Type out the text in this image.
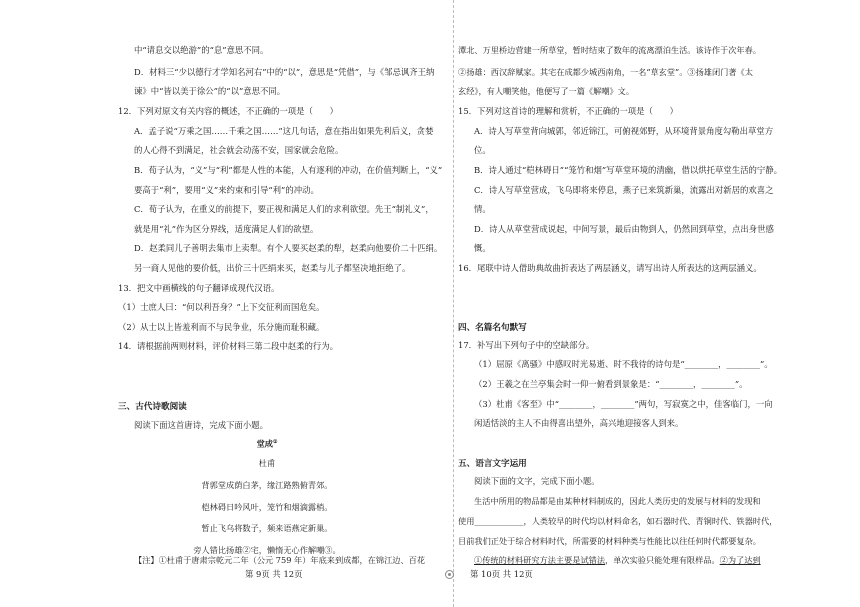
中“请息交以绝游”的“息”意思不同。
D．材料三“少以德行才学知名河右”中的“以”，意思是“凭借”，与《邹忌讽齐王纳
谏》中“皆以美于徐公”的“以”意思不同。
12．下列对原文有关内容的概述，不正确的一项是（　　）
A．孟子说“万乘之国……千乘之国……”这几句话，意在指出如果先利后义，贪婪
的人心得不到满足，社会就会动荡不安，国家就会危险。
B．荀子认为，“义”与“利”都是人性的本能，人有逐利的冲动，在价值判断上，“义”
要高于“利”，要用“义”来约束和引导“利”的冲动。
C．荀子认为，在重义的前提下，要正视和满足人们的求利欲望。先王“制礼义”，
就是用“礼”作为区分界线，适度满足人们的欲望。
D．赵柔同儿子善明去集市上卖犁。有个人要买赵柔的犁，赵柔向他要价二十匹绢。
另一商人见他的要价低，出价三十匹绢来买，赵柔与儿子都坚决地拒绝了。
13．把文中画横线的句子翻译成现代汉语。
（1）士庶人曰：“何以利吾身？”上下交征利而国危矣。
（2）从士以上皆羞利而不与民争业，乐分施而耻积藏。
14．请根据前两则材料，评价材料三第二段中赵柔的行为。
三、古代诗歌阅读
阅读下面这首唐诗，完成下面小题。
堂成①
杜甫
背郭堂成荫白茅，缘江路熟俯青郊。
桤林碍日吟风叶，笼竹和烟滴露梢。
暂止飞乌将数子，频来语燕定新巢。
旁人错比扬雄②宅，懒惰无心作解嘲③。
【注】①杜甫于唐肃宗乾元二年（公元 759 年）年底来到成都，在锦江边、百花
潭北、万里桥边营建一所草堂，暂时结束了数年的流离漂泊生活。该诗作于次年春。
②扬雄：西汉辞赋家。其宅在成都少城西南角，一名“草玄堂”。③扬雄闭门著《太
玄经》，有人嘲笑他，他便写了一篇《解嘲》文。
15．下列对这首诗的理解和赏析，不正确的一项是（　　）
A．诗人写草堂背向城郭，邻近锦江，可俯视郊野，从环境背景角度勾勒出草堂方
位。
B．诗人通过“桤林碍日”“笼竹和烟”写草堂环境的清幽，借以烘托草堂生活的宁静。
C．诗人写草堂营成，飞乌即将来停息，燕子已来筑新巢，流露出对新居的欢喜之
情。
D．诗人从草堂营成说起，中间写景，最后由物到人，仍然回到草堂，点出身世感
慨。
16．尾联中诗人借助典故曲折表达了两层涵义，请写出诗人所表达的这两层涵义。
四、名篇名句默写
17．补写出下列句子中的空缺部分。
（1）屈原《离骚》中感叹时光易逝、时不我待的诗句是“________，________”。
（2）王羲之在兰亭集会时一仰一俯看到景象是：“________，________”。
（3）杜甫《客至》中“________，________”两句，写寂寞之中，佳客临门，一向
闲适恬淡的主人不由得喜出望外，高兴地迎接客人到来。
五、语言文字运用
阅读下面的文字，完成下面小题。
生活中所用的物品都是由某种材料制成的，因此人类历史的发展与材料的发现和
使用____________，人类较早的时代均以材料命名，如石器时代、青铜时代、铁器时代，
目前我们正处于综合材料时代，所需要的材料种类与性能比以往任何时代都要复杂。
①传统的材料研究方法主要是试错法，单次实验只能处理有限样品。②为了达到
第 9页 共 12页	第 10页 共 12页
